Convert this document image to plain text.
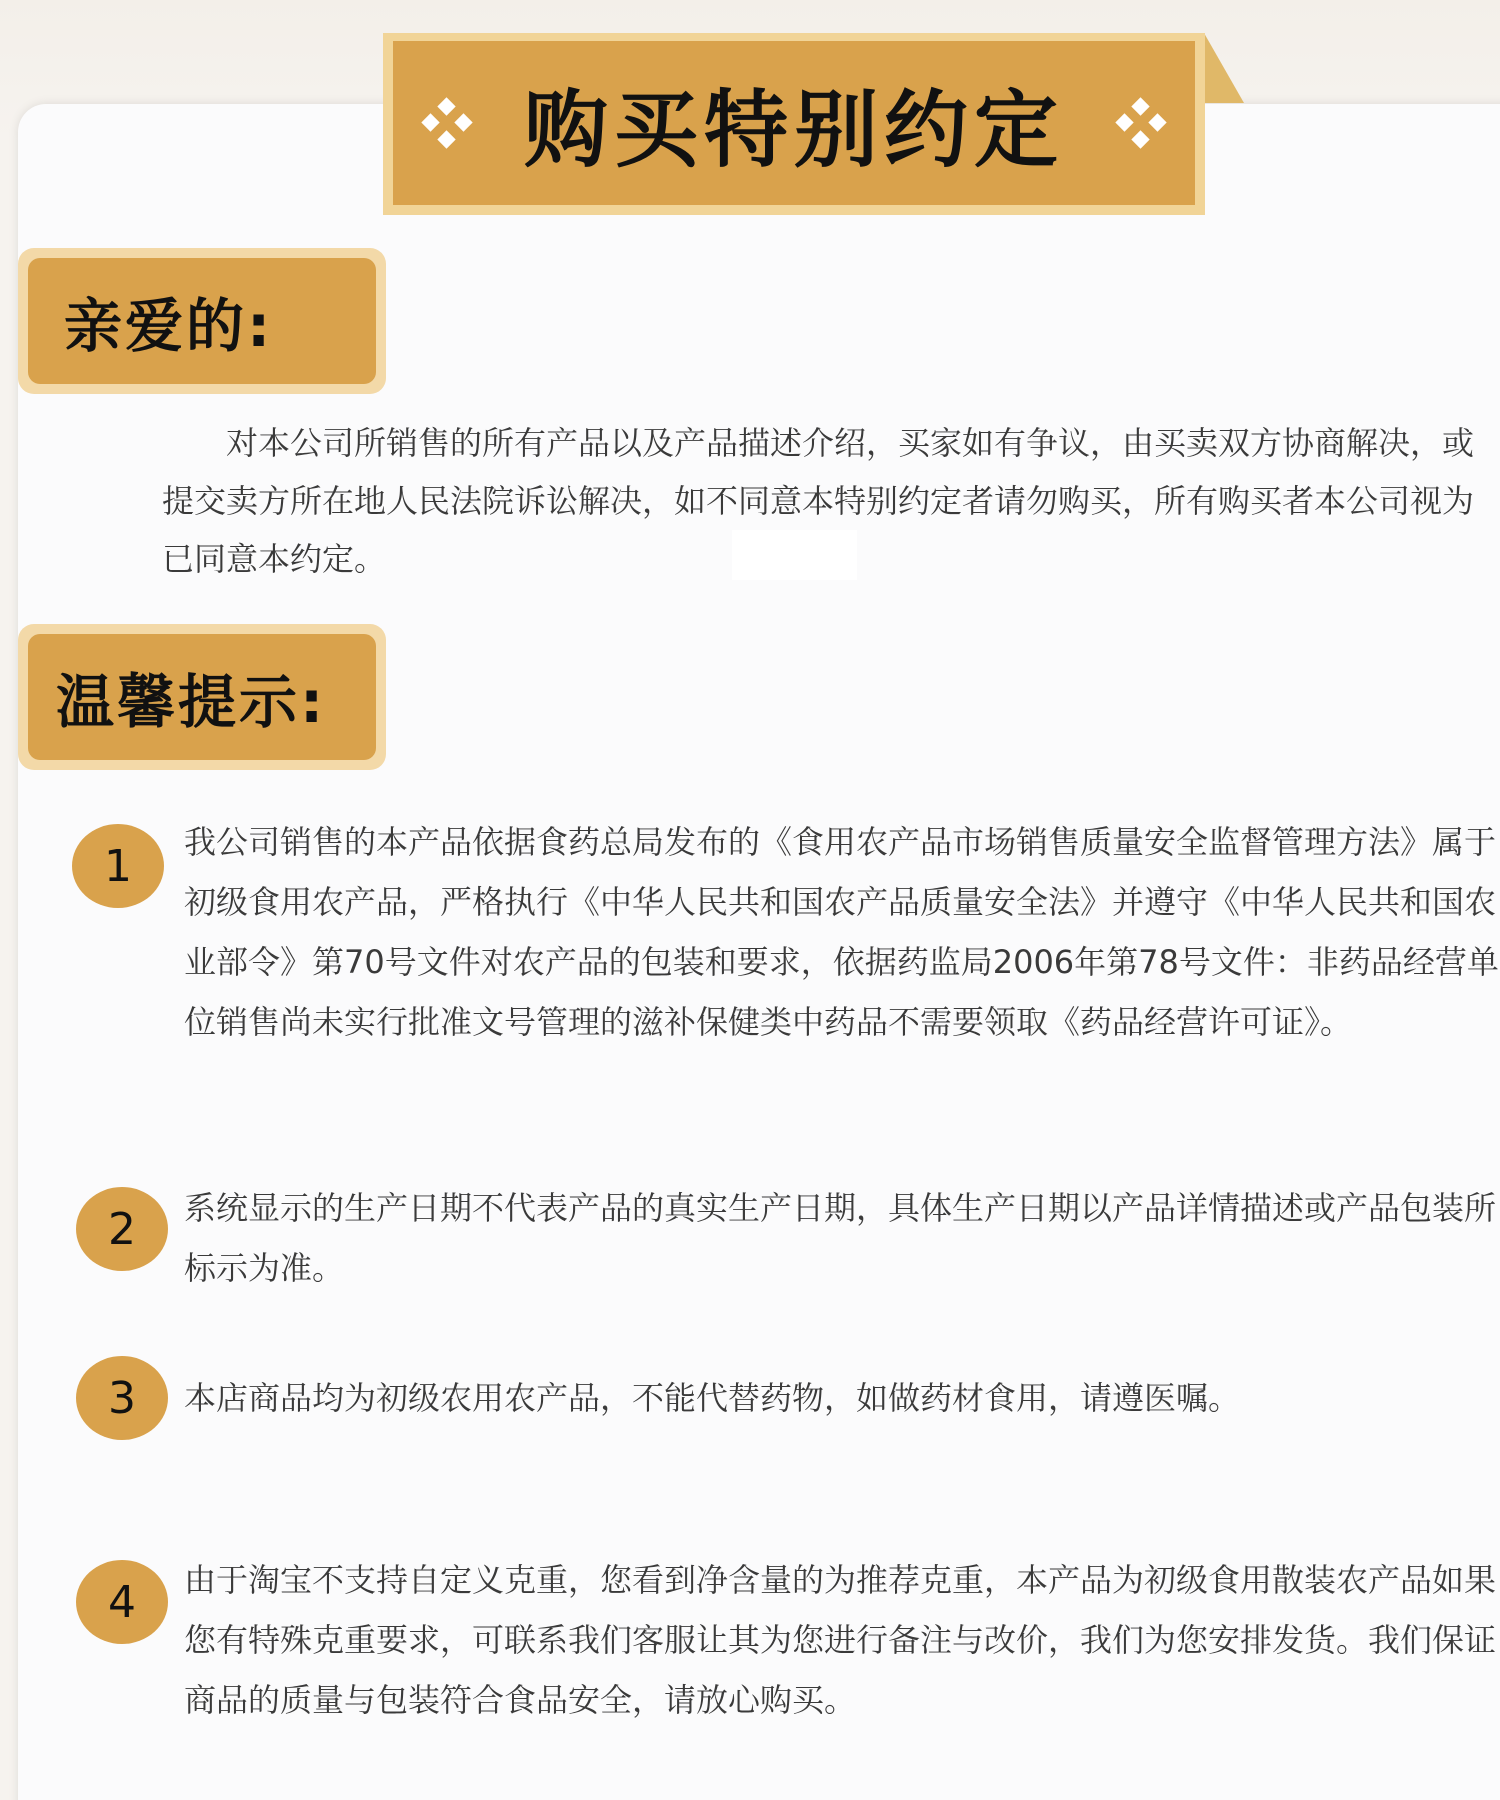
购买特别约定
亲爱的:
对本公司所销售的所有产品以及产品描述介绍，买家如有争议，由买卖双方协商解决，或提交卖方所在地人民法院诉讼解决，如不同意本特别约定者请勿购买，所有购买者本公司视为已同意本约定。
温馨提示:
1	我公司销售的本产品依据食药总局发布的《食用农产品市场销售质量安全监督管理方法》属于初级食用农产品，严格执行《中华人民共和国农产品质量安全法》并遵守《中华人民共和国农业部令》第70号文件对农产品的包装和要求，依据药监局2006年第78号文件：非药品经营单位销售尚未实行批准文号管理的滋补保健类中药品不需要领取《药品经营许可证》。
2	系统显示的生产日期不代表产品的真实生产日期，具体生产日期以产品详情描述或产品包装所标示为准。
3	本店商品均为初级农用农产品，不能代替药物，如做药材食用，请遵医嘱。
4	由于淘宝不支持自定义克重，您看到净含量的为推荐克重，本产品为初级食用散装农产品如果您有特殊克重要求，可联系我们客服让其为您进行备注与改价，我们为您安排发货。我们保证商品的质量与包装符合食品安全，请放心购买。
